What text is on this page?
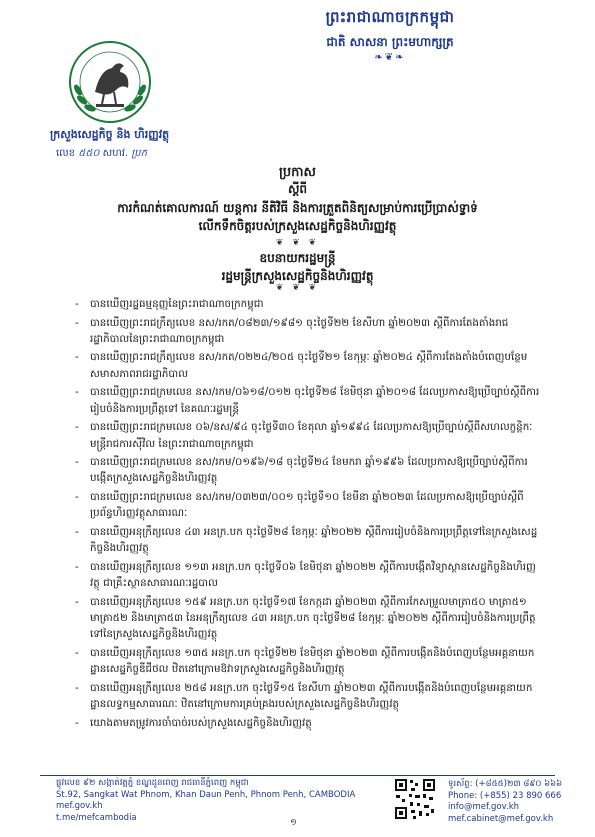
ព្រះរាជាណាចក្រកម្ពុជា
ជាតិ សាសនា ព្រះមហាក្សត្រ
❧❦❧
ក្រសួងសេដ្ឋកិច្ច និង ហិរញ្ញវត្ថុ
លេខ ៥៥០ សហវ. ប្រក
ប្រកាស
ស្តីពី
ការកំណត់គោលការណ៍ យន្តការ នីតិវិធី និងការត្រួតពិនិត្យសម្រាប់ការប្រើប្រាស់ទ្វាទ់
លើកទឹកចិត្តរបស់ក្រសួងសេដ្ឋកិច្ចនិងហិរញ្ញវត្ថុ
❦ ❦ ❦
ឧបនាយករដ្ឋមន្ត្រី
រដ្ឋមន្ត្រីក្រសួងសេដ្ឋកិច្ចនិងហិរញ្ញវត្ថុ
❦ ❦ ❦
- បានឃើញរដ្ឋធម្មនុញ្ញនៃព្រះរាជាណាចក្រកម្ពុជា
- បានឃើញព្រះរាជក្រឹត្យលេខ នស/រកត/០៨២៣/១៩៨១ ចុះថ្ងៃទី២២ ខែសីហា ឆ្នាំ២០២៣ ស្តីពីការតែងតាំងរាជរដ្ឋាភិបាលនៃព្រះរាជាណាចក្រកម្ពុជា
- បានឃើញព្រះរាជក្រឹត្យលេខ នស/រកត/០២២៤/២០៥ ចុះថ្ងៃទី២១ ខែកុម្ភៈ ឆ្នាំ២០២៤ ស្តីពីការតែងតាំងបំពេញបន្ថែមសមាសភាពរាជរដ្ឋាភិបាល
- បានឃើញព្រះរាជក្រមលេខ នស/រកម/០៦១៨/០១២ ចុះថ្ងៃទី២៨ ខែមិថុនា ឆ្នាំ២០១៨ ដែលប្រកាសឱ្យប្រើច្បាប់ស្តីពីការរៀបចំនិងការប្រព្រឹត្តទៅ នៃគណៈរដ្ឋមន្ត្រី
- បានឃើញព្រះរាជក្រមលេខ ០៦/នស/៩៤ ចុះថ្ងៃទី៣០ ខែតុលា ឆ្នាំ១៩៩៤ ដែលប្រកាសឱ្យប្រើច្បាប់ស្តីពីសហលក្ខន្តិកៈមន្ត្រីរាជការស៊ីវិល នៃព្រះរាជាណាចក្រកម្ពុជា
- បានឃើញព្រះរាជក្រមលេខ នស/រកម/០១៩៦/១៨ ចុះថ្ងៃទី២៤ ខែមករា ឆ្នាំ១៩៩៦ ដែលប្រកាសឱ្យប្រើច្បាប់ស្តីពីការបង្កើតក្រសួងសេដ្ឋកិច្ចនិងហិរញ្ញវត្ថុ
- បានឃើញព្រះរាជក្រមលេខ នស/រកម/០៣២៣/០០១ ចុះថ្ងៃទី១០ ខែមីនា ឆ្នាំ២០២៣ ដែលប្រកាសឱ្យប្រើច្បាប់ស្តីពីប្រព័ន្ធហិរញ្ញវត្ថុសាធារណៈ
- បានឃើញអនុក្រឹត្យលេខ ៤៣ អនក្រ.បក ចុះថ្ងៃទី២៨ ខែកុម្ភៈ ឆ្នាំ២០២២ ស្តីពីការរៀបចំនិងការប្រព្រឹត្តទៅនៃក្រសួងសេដ្ឋកិច្ចនិងហិរញ្ញវត្ថុ
- បានឃើញអនុក្រឹត្យលេខ ១១៣ អនក្រ.បក ចុះថ្ងៃទី០៦ ខែមិថុនា ឆ្នាំ២០២២ ស្តីពីការបង្កើតវិទ្យាស្ថានសេដ្ឋកិច្ចនិងហិរញ្ញវត្ថុ ជាគ្រឹះស្ថានសាធារណៈរដ្ឋបាល
- បានឃើញអនុក្រឹត្យលេខ ១៥៩ អនក្រ.បក ចុះថ្ងៃទី១៧ ខែកក្កដា ឆ្នាំ២០២៣ ស្តីពីការកែសម្រួលមាត្រា៥០ មាត្រា៥១ មាត្រា៥២ និងមាត្រា៥៣ នៃអនុក្រឹត្យលេខ ៤៣ អនក្រ.បក ចុះថ្ងៃទី២៨ ខែកុម្ភៈ ឆ្នាំ២០២២ ស្តីពីការរៀបចំនិងការប្រព្រឹត្តទៅនៃក្រសួងសេដ្ឋកិច្ចនិងហិរញ្ញវត្ថុ
- បានឃើញអនុក្រឹត្យលេខ ១៣៥ អនក្រ.បក ចុះថ្ងៃទី២២ ខែមិថុនា ឆ្នាំ២០២៣ ស្តីពីការបង្កើតនិងបំពេញបន្ថែមអគ្គនាយកដ្ឋានសេដ្ឋកិច្ចឌីជីថល ឋិតនៅក្រោមឱវាទក្រសួងសេដ្ឋកិច្ចនិងហិរញ្ញវត្ថុ
- បានឃើញអនុក្រឹត្យលេខ ២៥៨ អនក្រ.បក ចុះថ្ងៃទី១៥ ខែសីហា ឆ្នាំ២០២៣ ស្តីពីការបង្កើតនិងបំពេញបន្ថែមអគ្គនាយកដ្ឋានលទ្ធកម្មសាធារណៈ ឋិតនៅក្រោមការគ្រប់គ្រងរបស់ក្រសួងសេដ្ឋកិច្ចនិងហិរញ្ញវត្ថុ
- យោងតាមតម្រូវការចាំបាច់របស់ក្រសួងសេដ្ឋកិច្ចនិងហិរញ្ញវត្ថុ
ផ្លូវលេខ ៩២ សង្កាត់វត្តភ្នំ ខណ្ឌដូនពេញ រាជធានីភ្នំពេញ កម្ពុជា
St.92, Sangkat Wat Phnom, Khan Daun Penh, Phnom Penh, CAMBODIA
mef.gov.kh
t.me/mefcambodia
ទូរស័ព្ទ: (+៨៥៥)២៣ ៨៩០ ៦៦៦
Phone: (+855) 23 890 666
info@mef.gov.kh
mef.cabinet@mef.gov.kh
១
